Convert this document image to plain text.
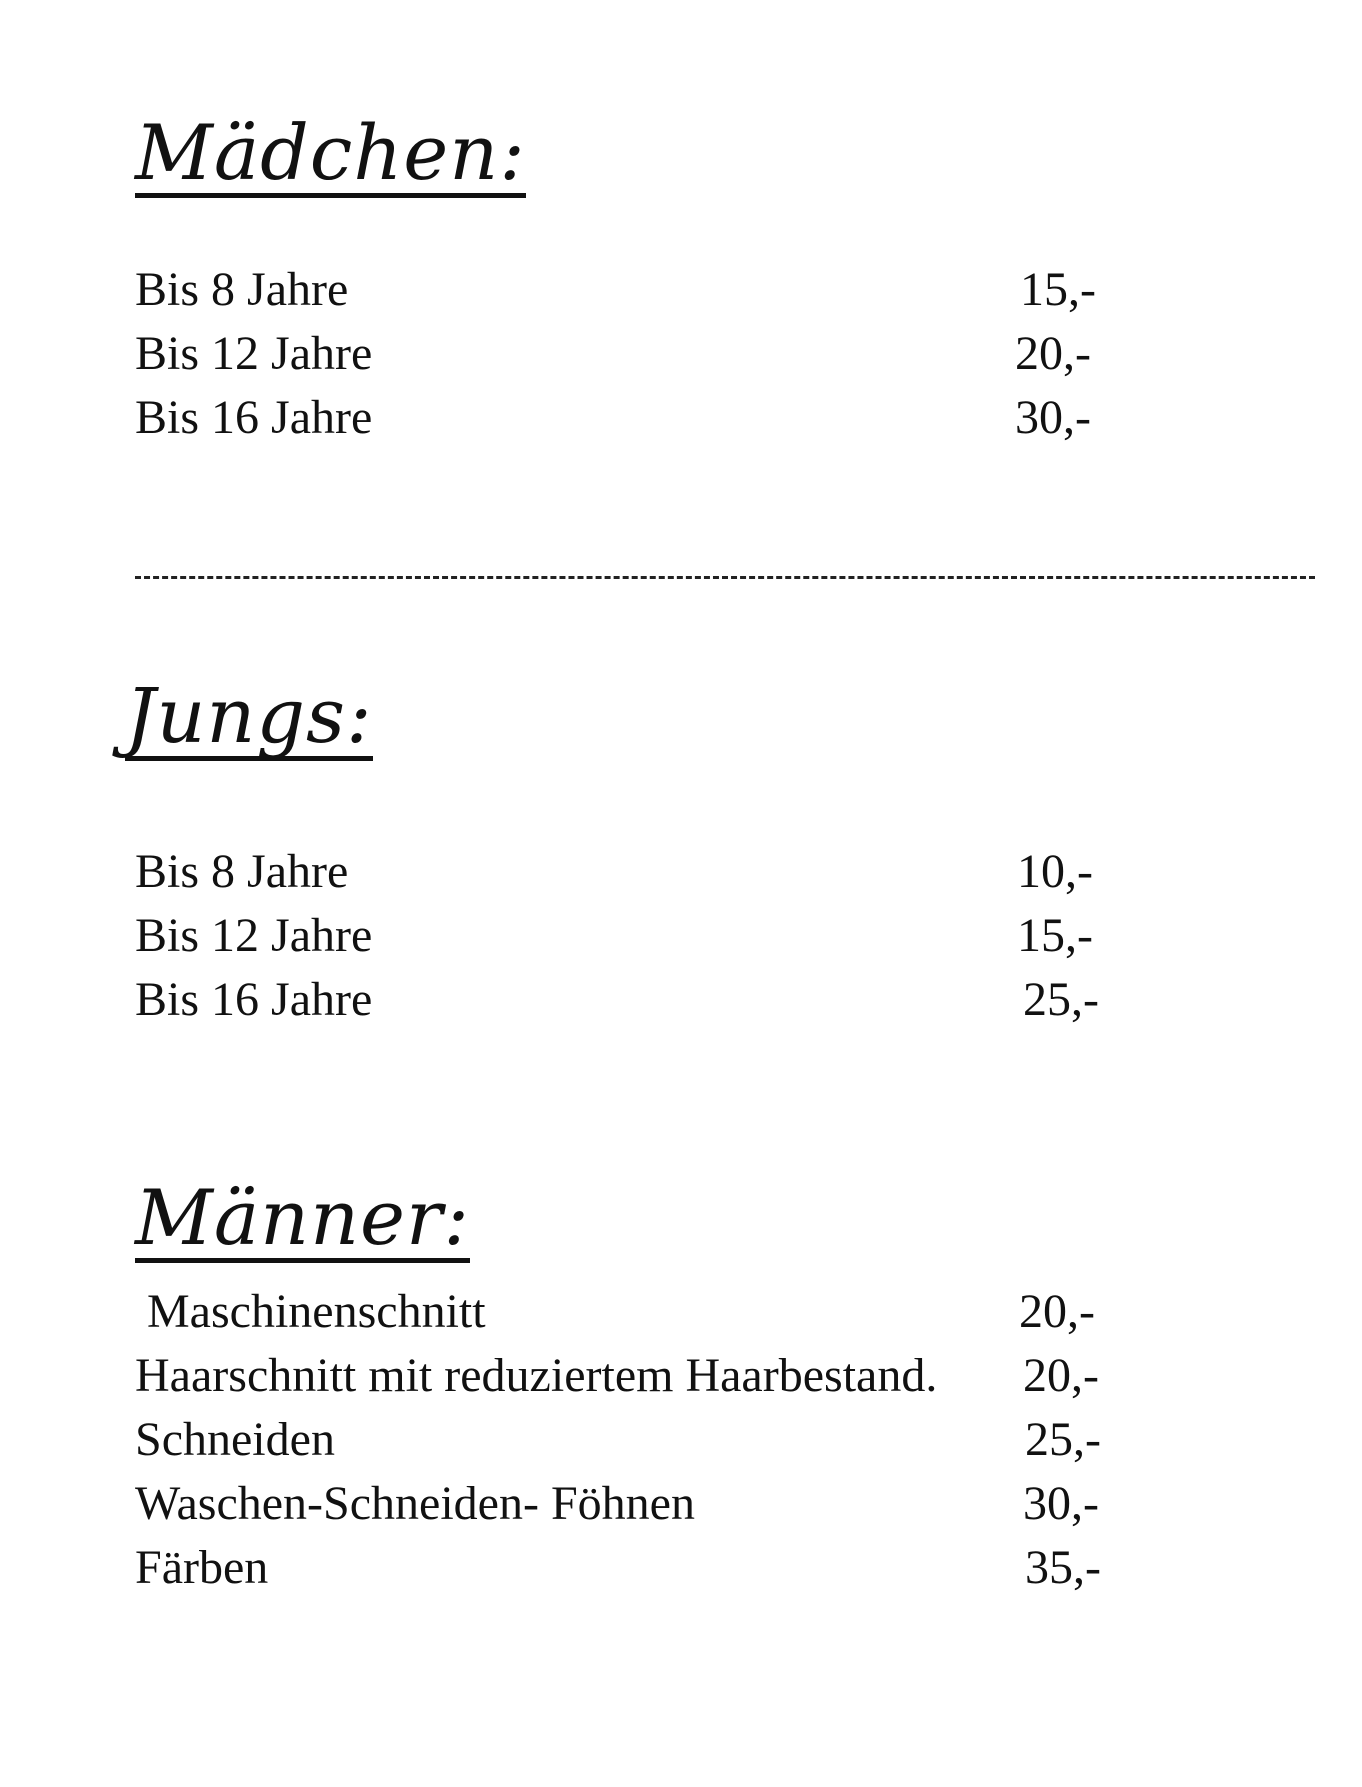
Mädchen:
Bis 8 Jahre	15,-
Bis 12 Jahre	20,-
Bis 16 Jahre	30,-
Jungs:
Bis 8 Jahre	10,-
Bis 12 Jahre	15,-
Bis 16 Jahre	25,-
Männer:
Maschinenschnitt	20,-
Haarschnitt mit reduziertem Haarbestand. 20,-
Schneiden	25,-
Waschen-Schneiden- Föhnen	30,-
Färben	35,-
